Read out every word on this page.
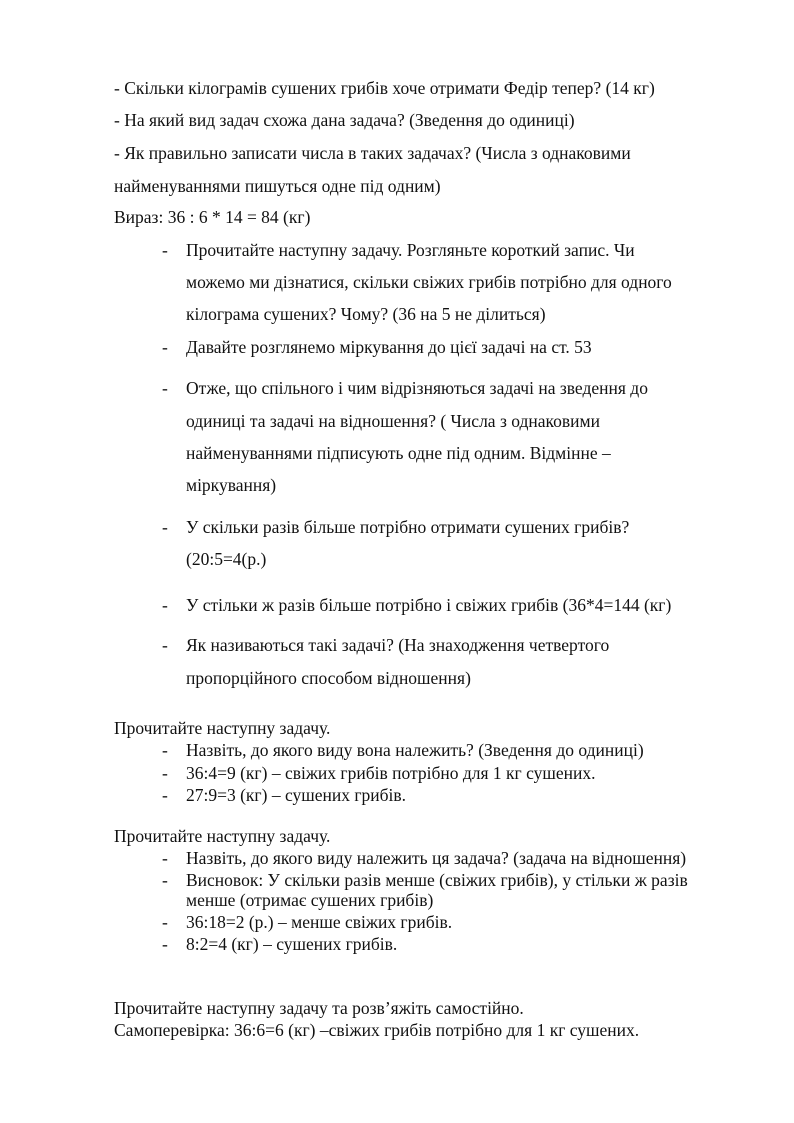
- Скільки кілограмів сушених грибів хоче отримати Федір тепер? (14 кг)
- На який вид задач схожа дана задача? (Зведення до одиниці)
- Як правильно записати числа в таких задачах? (Числа з однаковими
найменуваннями пишуться одне під одним)
Вираз: 36 : 6 * 14 = 84 (кг)
- Прочитайте наступну задачу. Розгляньте короткий запис. Чи
можемо ми дізнатися, скільки свіжих грибів потрібно для одного
кілограма сушених? Чому? (36 на 5 не ділиться)
- Давайте розглянемо міркування до цієї задачі на ст. 53
- Отже, що спільного і чим відрізняються задачі на зведення до
одиниці та задачі на відношення? ( Числа з однаковими
найменуваннями підписують одне під одним. Відмінне –
міркування)
- У скільки разів більше потрібно отримати сушених грибів?
(20:5=4(р.)
- У стільки ж разів більше потрібно і свіжих грибів (36*4=144 (кг)
- Як називаються такі задачі? (На знаходження четвертого
пропорційного способом відношення)
Прочитайте наступну задачу.
- Назвіть, до якого виду вона належить? (Зведення до одиниці)
- 36:4=9 (кг) – свіжих грибів потрібно для 1 кг сушених.
- 27:9=3 (кг) – сушених грибів.
Прочитайте наступну задачу.
- Назвіть, до якого виду належить ця задача? (задача на відношення)
- Висновок: У скільки разів менше (свіжих грибів), у стільки ж разів
менше (отримає сушених грибів)
- 36:18=2 (р.) – менше свіжих грибів.
- 8:2=4 (кг) – сушених грибів.
Прочитайте наступну задачу та розв’яжіть самостійно.
Самоперевірка: 36:6=6 (кг) –свіжих грибів потрібно для 1 кг сушених.
